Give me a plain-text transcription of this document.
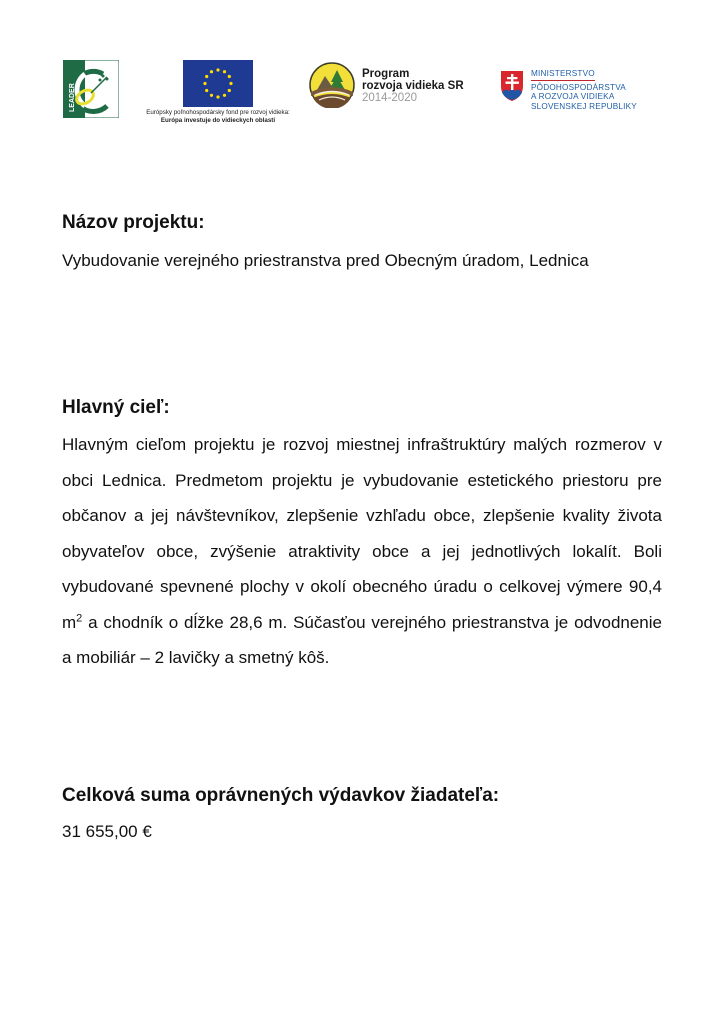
LEADER
Európsky poľnohospodársky fond pre rozvoj vidieka:
Európa investuje do vidieckych oblastí
Program
rozvoja vidieka SR
2014-2020
MINISTERSTVO
PÔDOHOSPODÁRSTVA
A ROZVOJA VIDIEKA
SLOVENSKEJ REPUBLIKY
Názov projektu:

Vybudovanie verejného priestranstva pred Obecným úradom, Lednica

Hlavný cieľ:

Hlavným cieľom projektu je rozvoj miestnej infraštruktúry malých rozmerov v obci Lednica. Predmetom projektu je vybudovanie estetického priestoru pre občanov a jej návštevníkov, zlepšenie vzhľadu obce, zlepšenie kvality života obyvateľov obce, zvýšenie atraktivity obce a jej jednotlivých lokalít. Boli vybudované spevnené plochy v okolí obecného úradu o celkovej výmere 90,4 $m^2$ a chodník o dĺžke 28,6 m. Súčasťou verejného priestranstva je odvodnenie a mobiliár – 2 lavičky a smetný kôš.

Celková suma oprávnených výdavkov žiadateľa:

31 655,00 €
